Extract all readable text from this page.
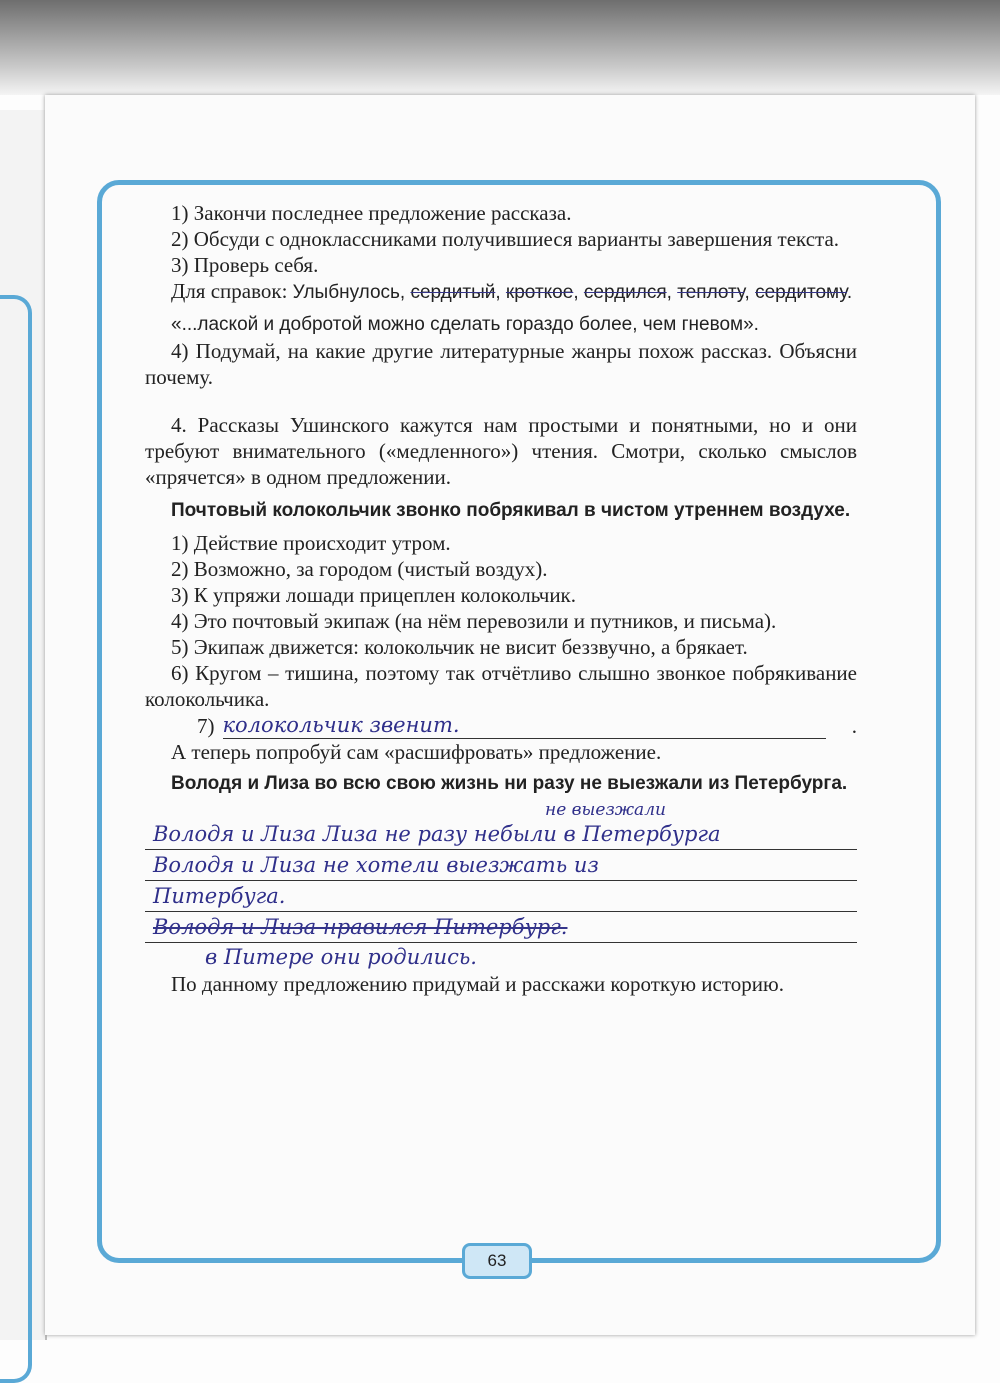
1) Закончи последнее предложение рассказа.

2) Обсуди с одноклассниками получившиеся варианты завершения текста.

3) Проверь себя.

Для справок: Улыбнулось, сердитый, кроткое, сердился, теплоту, сердитому.

«...лаской и добротой можно сделать гораздо более, чем гневом».

4) Подумай, на какие другие литературные жанры похож рассказ. Объясни почему.

4. Рассказы Ушинского кажутся нам простыми и понятными, но и они требуют внимательного («медленного») чтения. Смотри, сколько смыслов «прячется» в одном предложении.

Почтовый колокольчик звонко побрякивал в чистом утреннем воздухе.

1) Действие происходит утром.

2) Возможно, за городом (чистый воздух).

3) К упряжи лошади прицеплен колокольчик.

4) Это почтовый экипаж (на нём перевозили и путников, и письма).

5) Экипаж движется: колокольчик не висит беззвучно, а брякает.

6) Кругом – тишина, поэтому так отчётливо слышно звонкое побрякивание колокольчика.

7) колокольчик звенит.	.

А теперь попробуй сам «расшифровать» предложение.

Володя и Лиза во всю свою жизнь ни разу не выезжали из Петербурга.

не выезжали
Володя и Лиза Лиза не разу небыли в Петербурга
Володя и Лиза не хотели выезжать из
Питербуга.
Володя и Лиза нравился Питербург.
в Питере они родились.

По данному предложению придумай и расскажи короткую историю.

63
